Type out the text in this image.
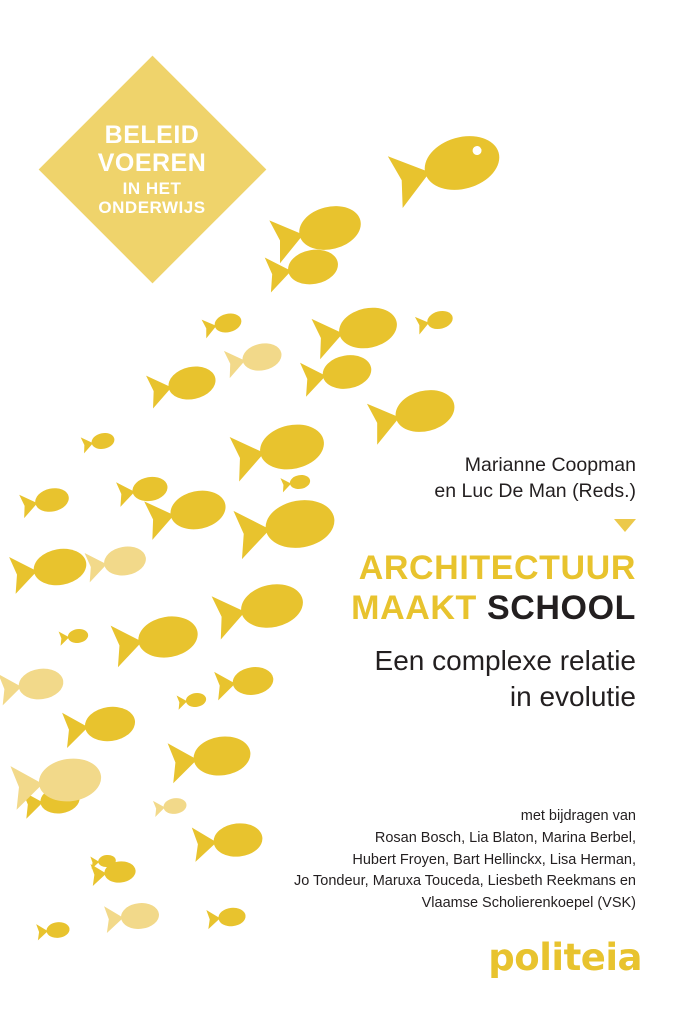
BELEID
VOEREN
IN HET
ONDERWIJS
Marianne Coopman
en Luc De Man (Reds.)
ARCHITECTUUR
MAAKT SCHOOL
Een complexe relatie
in evolutie
met bijdragen van
Rosan Bosch, Lia Blaton, Marina Berbel,
Hubert Froyen, Bart Hellinckx, Lisa Herman,
Jo Tondeur, Maruxa Touceda, Liesbeth Reekmans en
Vlaamse Scholierenkoepel (VSK)
politeia
